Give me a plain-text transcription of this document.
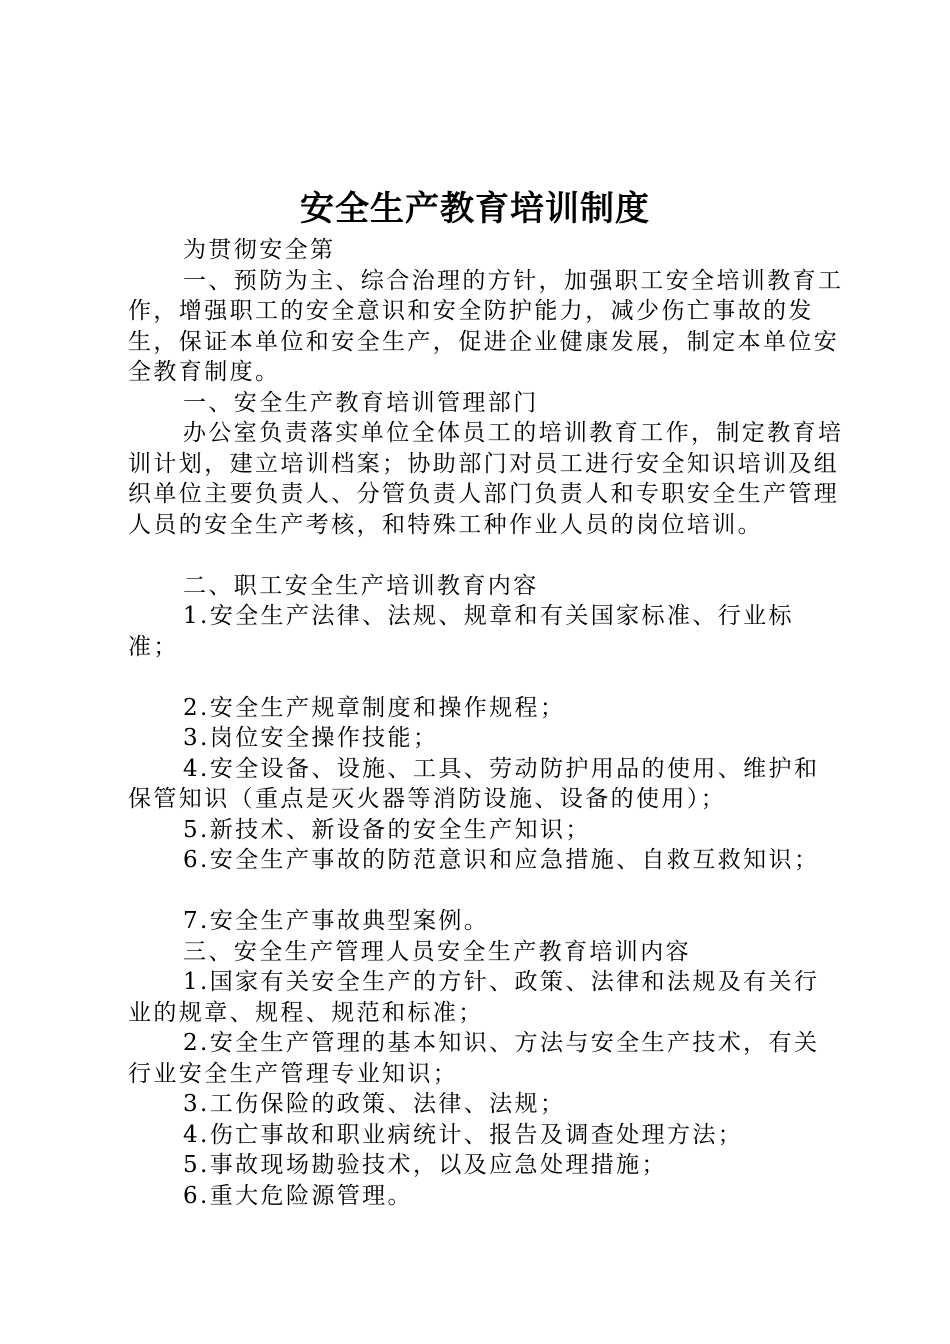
安全生产教育培训制度

为贯彻安全第

一、预防为主、综合治理的方针，加强职工安全培训教育工作，增强职工的安全意识和安全防护能力，减少伤亡事故的发生，保证本单位和安全生产，促进企业健康发展，制定本单位安全教育制度。

一、安全生产教育培训管理部门

办公室负责落实单位全体员工的培训教育工作，制定教育培训计划，建立培训档案；协助部门对员工进行安全知识培训及组织单位主要负责人、分管负责人部门负责人和专职安全生产管理人员的安全生产考核，和特殊工种作业人员的岗位培训。

二、职工安全生产培训教育内容

1.安全生产法律、法规、规章和有关国家标准、行业标准；

2.安全生产规章制度和操作规程；

3.岗位安全操作技能；

4.安全设备、设施、工具、劳动防护用品的使用、维护和保管知识（重点是灭火器等消防设施、设备的使用）；

5.新技术、新设备的安全生产知识；

6.安全生产事故的防范意识和应急措施、自救互救知识；

7.安全生产事故典型案例。

三、安全生产管理人员安全生产教育培训内容

1.国家有关安全生产的方针、政策、法律和法规及有关行业的规章、规程、规范和标准；

2.安全生产管理的基本知识、方法与安全生产技术，有关行业安全生产管理专业知识；

3.工伤保险的政策、法律、法规；

4.伤亡事故和职业病统计、报告及调查处理方法；

5.事故现场勘验技术，以及应急处理措施；

6.重大危险源管理。
